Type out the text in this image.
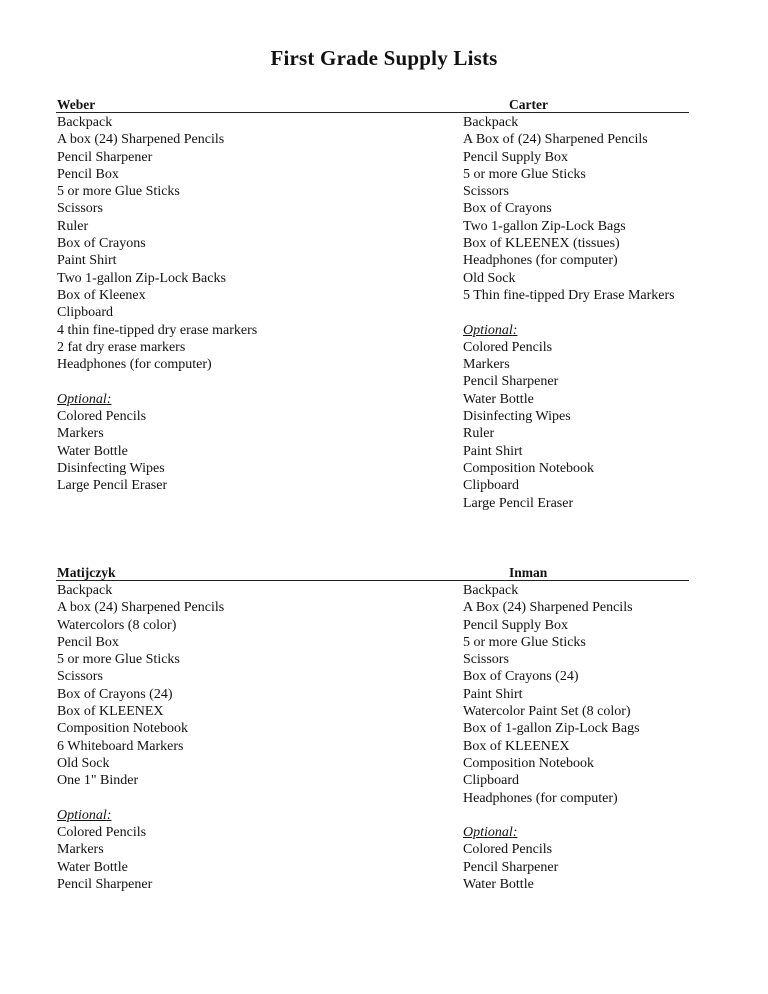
First Grade Supply Lists
Weber	Carter
Backpack
A box (24) Sharpened Pencils
Pencil Sharpener
Pencil Box
5 or more Glue Sticks
Scissors
Ruler
Box of Crayons
Paint Shirt
Two 1-gallon Zip-Lock Backs
Box of Kleenex
Clipboard
4 thin fine-tipped dry erase markers
2 fat dry erase markers
Headphones (for computer)
Optional:
Colored Pencils
Markers
Water Bottle
Disinfecting Wipes
Large Pencil Eraser
Backpack
A Box of (24) Sharpened Pencils
Pencil Supply Box
5 or more Glue Sticks
Scissors
Box of Crayons
Two 1-gallon Zip-Lock Bags
Box of KLEENEX (tissues)
Headphones (for computer)
Old Sock
5 Thin fine-tipped Dry Erase Markers
Optional:
Colored Pencils
Markers
Pencil Sharpener
Water Bottle
Disinfecting Wipes
Ruler
Paint Shirt
Composition Notebook
Clipboard
Large Pencil Eraser
Matijczyk	Inman
Backpack
A box (24) Sharpened Pencils
Watercolors (8 color)
Pencil Box
5 or more Glue Sticks
Scissors
Box of Crayons (24)
Box of KLEENEX
Composition Notebook
6 Whiteboard Markers
Old Sock
One 1" Binder
Optional:
Colored Pencils
Markers
Water Bottle
Pencil Sharpener
Backpack
A Box (24) Sharpened Pencils
Pencil Supply Box
5 or more Glue Sticks
Scissors
Box of Crayons (24)
Paint Shirt
Watercolor Paint Set (8 color)
Box of 1-gallon Zip-Lock Bags
Box of KLEENEX
Composition Notebook
Clipboard
Headphones (for computer)
Optional:
Colored Pencils
Pencil Sharpener
Water Bottle
